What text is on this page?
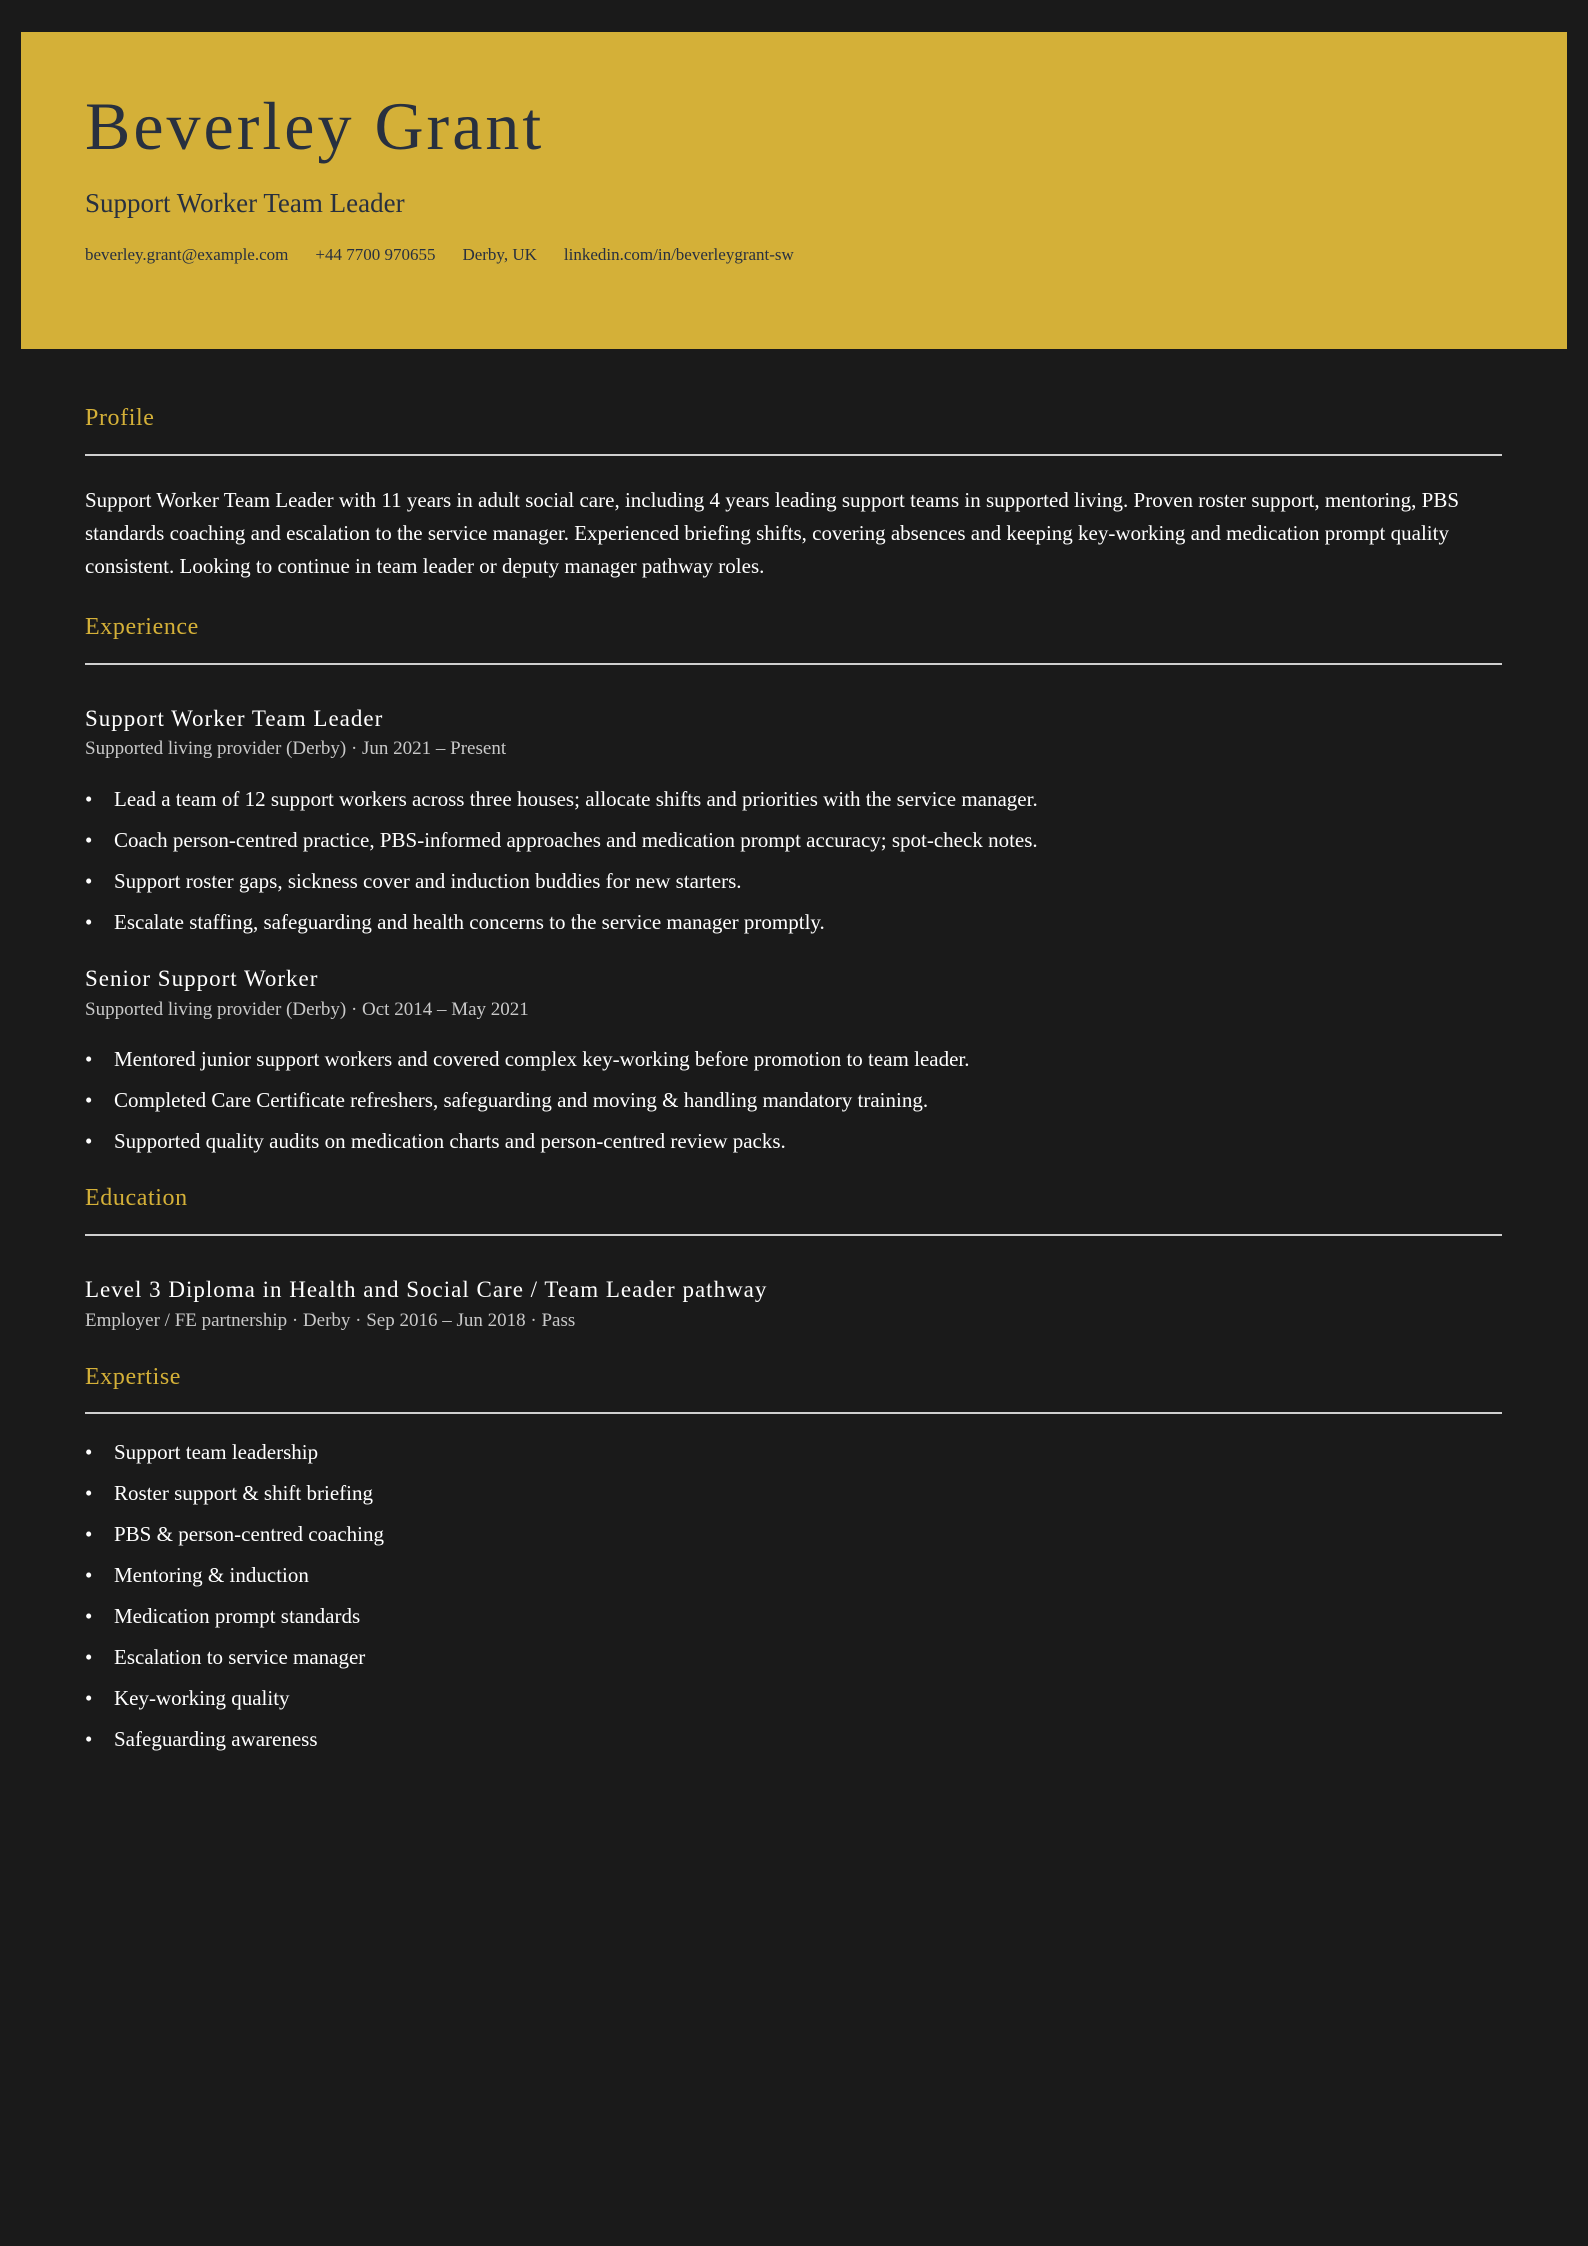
Beverley Grant
Support Worker Team Leader
beverley.grant@example.com +44 7700 970655 Derby, UK linkedin.com/in/beverleygrant-sw
Profile

Support Worker Team Leader with 11 years in adult social care, including 4 years leading support teams in supported living. Proven roster support, mentoring, PBS standards coaching and escalation to the service manager. Experienced briefing shifts, covering absences and keeping key-working and medication prompt quality consistent. Looking to continue in team leader or deputy manager pathway roles.

Experience
Support Worker Team Leader
Supported living provider (Derby) · Jun 2021 – Present
• Lead a team of 12 support workers across three houses; allocate shifts and priorities with the service manager.
• Coach person-centred practice, PBS-informed approaches and medication prompt accuracy; spot-check notes.
• Support roster gaps, sickness cover and induction buddies for new starters.
• Escalate staffing, safeguarding and health concerns to the service manager promptly.
Senior Support Worker
Supported living provider (Derby) · Oct 2014 – May 2021
• Mentored junior support workers and covered complex key-working before promotion to team leader.
• Completed Care Certificate refreshers, safeguarding and moving & handling mandatory training.
• Supported quality audits on medication charts and person-centred review packs.
Education
Level 3 Diploma in Health and Social Care / Team Leader pathway
Employer / FE partnership · Derby · Sep 2016 – Jun 2018 · Pass
Expertise
• Support team leadership
• Roster support & shift briefing
• PBS & person-centred coaching
• Mentoring & induction
• Medication prompt standards
• Escalation to service manager
• Key-working quality
• Safeguarding awareness
